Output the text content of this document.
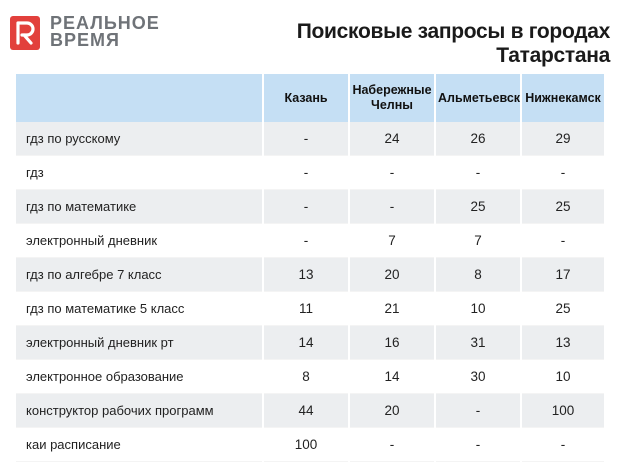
РЕАЛЬНОЕ
ВРЕМЯ	Поисковые запросы в городах Татарстана
	Казань	Набережные Челны	Альметьевск	Нижнекамск
гдз по русскому	-	24	26	29
гдз	-	-	-	-
гдз по математике	-	-	25	25
электронный дневник	-	7	7	-
гдз по алгебре 7 класс	13	20	8	17
гдз по математике 5 класс	11	21	10	25
электронный дневник рт	14	16	31	13
электронное образование	8	14	30	10
конструктор рабочих программ	44	20	-	100
каи расписание	100	-	-	-
